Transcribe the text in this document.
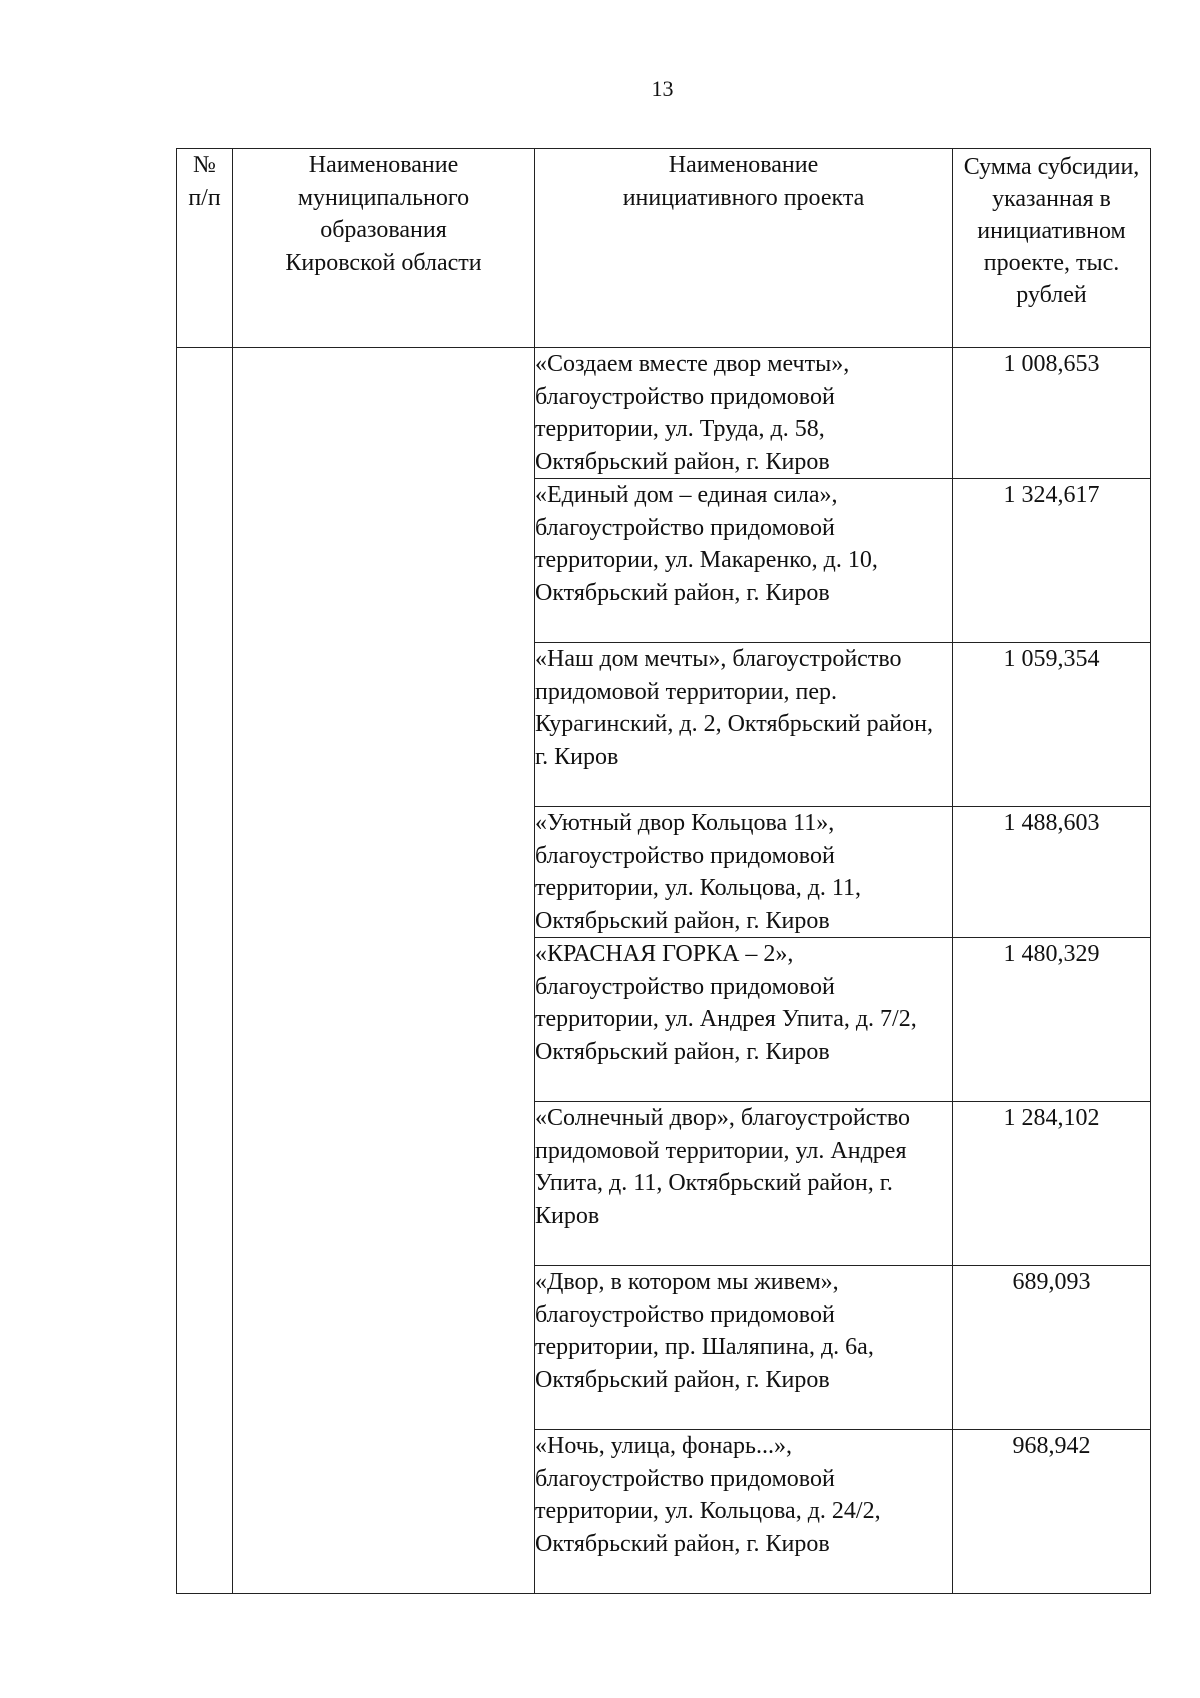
13
№ п/п	Наименование муниципального образования Кировской области	Наименование инициативного проекта	Сумма субсидии, указанная в инициативном проекте, тыс. рублей
		«Создаем вместе двор мечты», благоустройство придомовой территории, ул. Труда, д. 58, Октябрьский район, г. Киров	1 008,653
		«Единый дом – единая сила», благоустройство придомовой территории, ул. Макаренко, д. 10, Октябрьский район, г. Киров	1 324,617
		«Наш дом мечты», благоустройство придомовой территории, пер. Курагинский, д. 2, Октябрьский район, г. Киров	1 059,354
		«Уютный двор Кольцова 11», благоустройство придомовой территории, ул. Кольцова, д. 11, Октябрьский район, г. Киров	1 488,603
		«КРАСНАЯ ГОРКА – 2», благоустройство придомовой территории, ул. Андрея Упита, д. 7/2, Октябрьский район, г. Киров	1 480,329
		«Солнечный двор», благоустройство придомовой территории, ул. Андрея Упита, д. 11, Октябрьский район, г. Киров	1 284,102
		«Двор, в котором мы живем», благоустройство придомовой территории, пр. Шаляпина, д. 6а, Октябрьский район, г. Киров	689,093
		«Ночь, улица, фонарь...», благоустройство придомовой территории, ул. Кольцова, д. 24/2, Октябрьский район, г. Киров	968,942
